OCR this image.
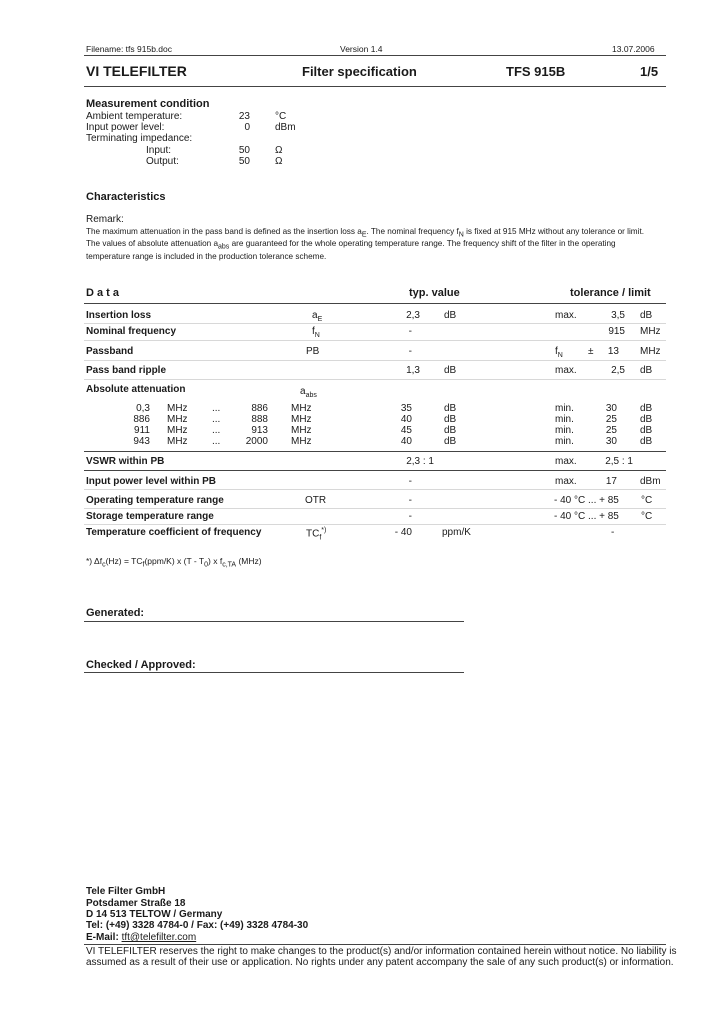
Filename: tfs 915b.doc	Version 1.4	13.07.2006
VI TELEFILTER	Filter specification	TFS 915B	1/5
Measurement condition
Ambient temperature:	23	°C
Input power level:	0	dBm
Terminating impedance:
Input:	50	Ω
Output:	50	Ω
Characteristics
Remark:
The maximum attenuation in the pass band is defined as the insertion loss $a_E$. The nominal frequency $f_N$ is fixed at 915 MHz without any tolerance or limit.
The values of absolute attenuation $a_{abs}$ are guaranteed for the whole operating temperature range. The frequency shift of the filter in the operating
temperature range is included in the production tolerance scheme.
D a t a	typ. value	tolerance / limit
Insertion loss	$a_E$	2,3 dB	max.	3,5 dB
Nominal frequency	$f_N$	-	915 MHz
Passband	PB	-	$f_N$	±	13 MHz
Pass band ripple	1,3 dB	max.	2,5 dB
Absolute attenuation	$a_{abs}$
0,3 MHz ...	886 MHz	35	dB	min.	30 dB
886 MHz ...	888 MHz	40	dB	min.	25 dB
911 MHz ...	913 MHz	45	dB	min.	25 dB
943 MHz ...	2000 MHz	40	dB	min.	30 dB
VSWR within PB	2,3 : 1	max.	2,5 : 1
Input power level within PB	-	max.	17 dBm
Operating temperature range	OTR	-	- 40 °C ... + 85 °C
Storage temperature range	-	- 40 °C ... + 85 °C
Temperature coefficient of frequency	$TC_f^{*)}$	- 40	ppm/K	-
*) $\Delta f_c(Hz) = TC_f(ppm/K)$ x $(T - T_0)$ x $f_{c,TA}$ (MHz)
Generated:
Checked / Approved:
Tele Filter GmbH
Potsdamer Straße 18
D 14 513 TELTOW / Germany
Tel: (+49) 3328 4784-0 / Fax: (+49) 3328 4784-30
E-Mail: tft@telefilter.com
VI TELEFILTER reserves the right to make changes to the product(s) and/or information contained herein without notice. No liability is
assumed as a result of their use or application. No rights under any patent accompany the sale of any such product(s) or information.
